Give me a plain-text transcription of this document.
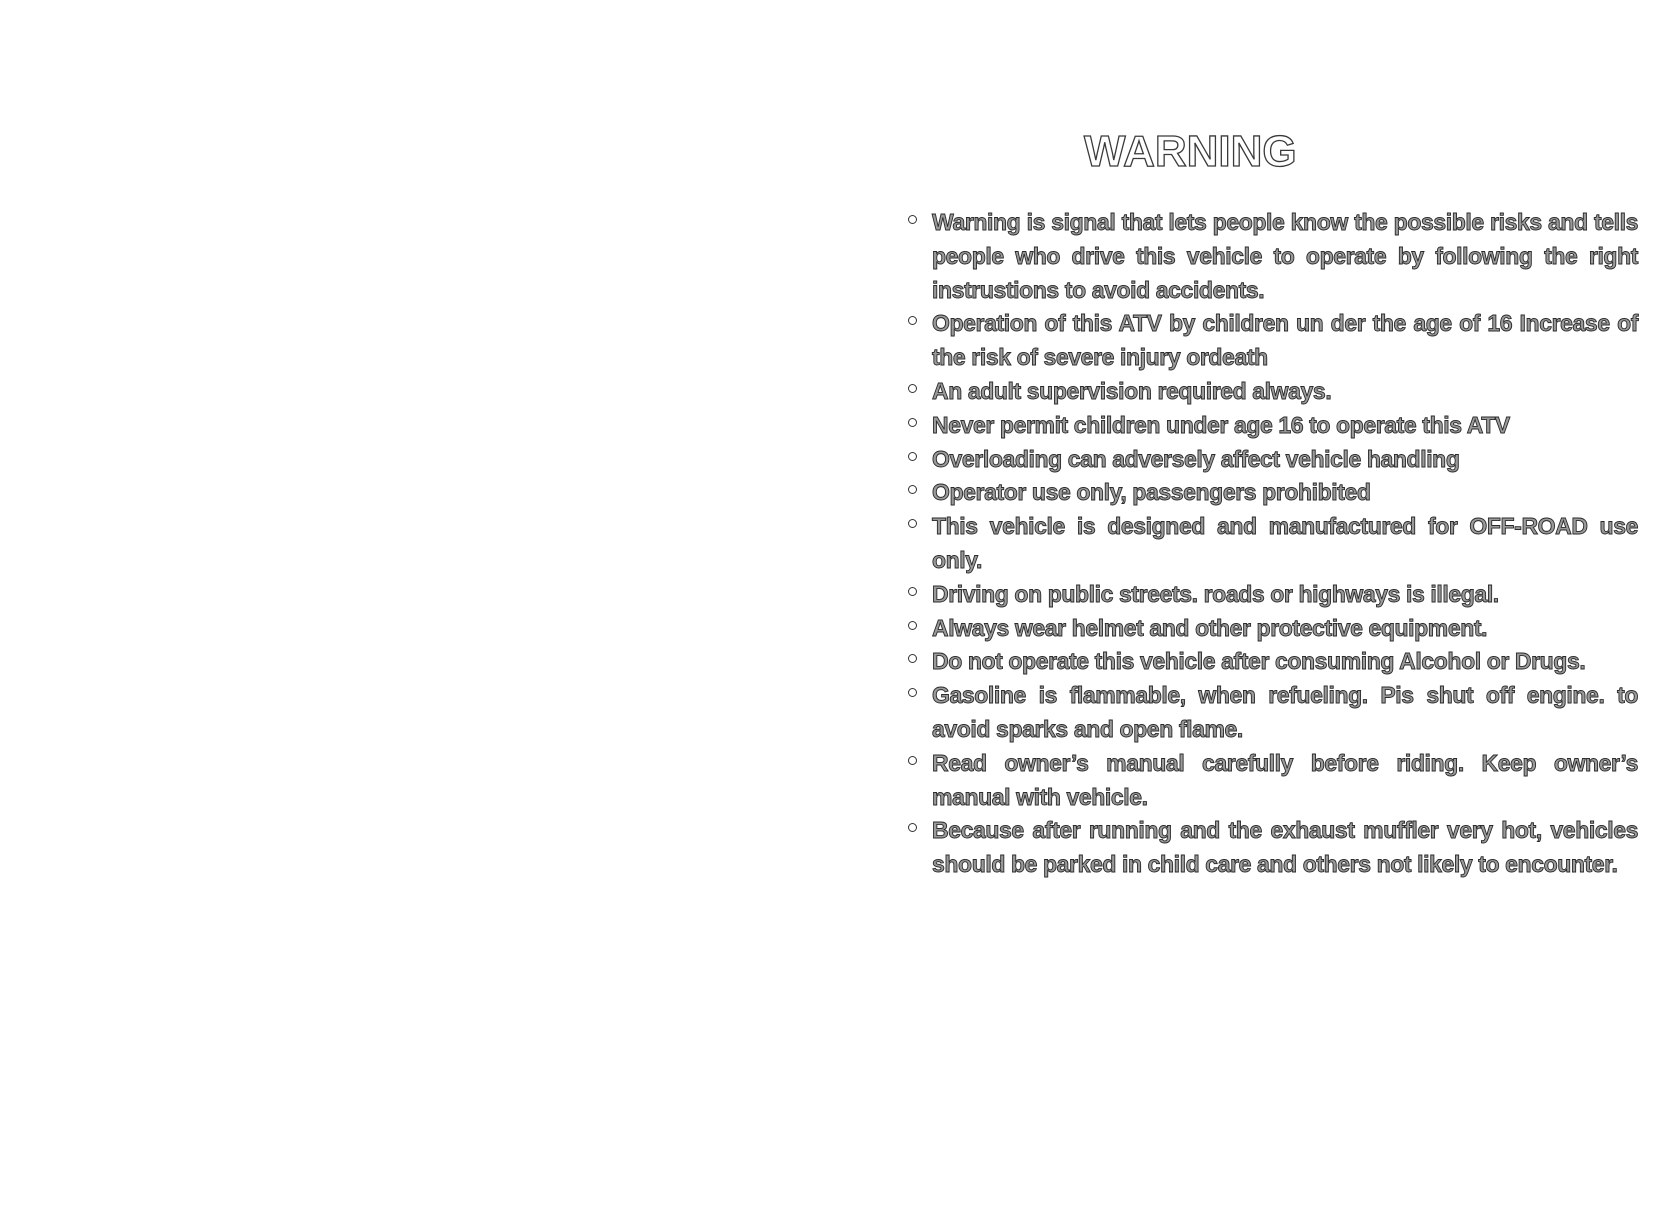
WARNING
Warning is signal that lets people know the possible risks and tells people who drive this vehicle to operate by following the right instrustions to avoid accidents.
Operation of this ATV by children un der the age of 16 Increase of the risk of severe injury ordeath
An adult supervision required always.
Never permit children under age 16 to operate this ATV
Overloading can adversely affect vehicle handling
Operator use only, passengers prohibited
This vehicle is designed and manufactured for OFF-ROAD use only.
Driving on public streets. roads or highways is illegal.
Always wear helmet and other protective equipment.
Do not operate this vehicle after consuming Alcohol or Drugs.
Gasoline is flammable, when refueling. Pis shut off engine. to avoid sparks and open flame.
Read owner’s manual carefully before riding. Keep owner’s manual with vehicle.
Because after running and the exhaust muffler very hot, vehicles should be parked in child care and others not likely to encounter.
